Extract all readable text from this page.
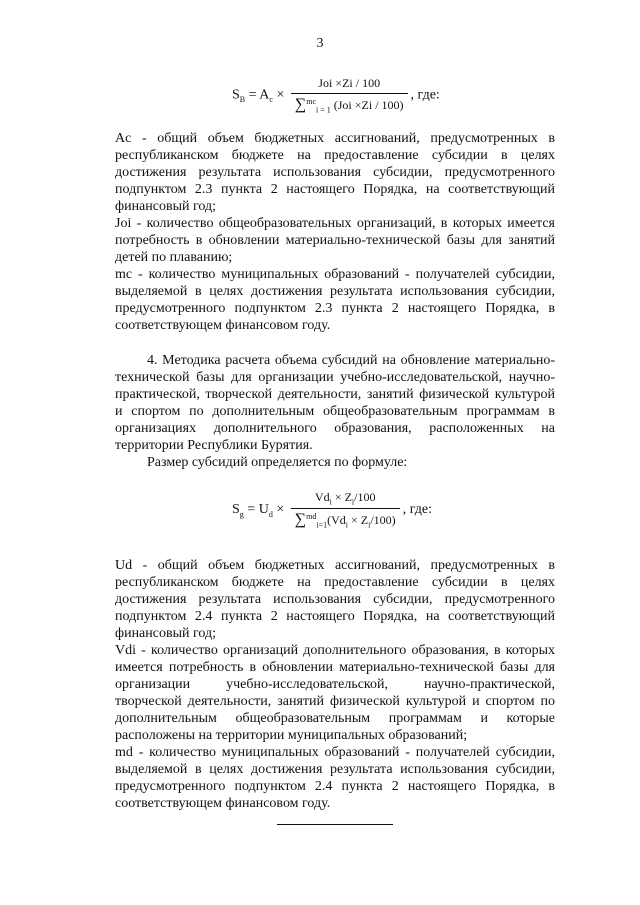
3
$S_B = A_c \times \frac{\text{Joi ×Zi / 100}}{\sum^{mc}_{i = 1} (Joi \times Zi / 100)}$ , где:

Ac - общий объем бюджетных ассигнований, предусмотренных в республиканском бюджете на предоставление субсидии в целях достижения результата использования субсидии, предусмотренного подпунктом 2.3 пункта 2 настоящего Порядка, на соответствующий финансовый год;

Joi - количество общеобразовательных организаций, в которых имеется потребность в обновлении материально-технической базы для занятий детей по плаванию;

mc - количество муниципальных образований - получателей субсидии, выделяемой в целях достижения результата использования субсидии, предусмотренного подпунктом 2.3 пункта 2 настоящего Порядка, в соответствующем финансовом году.

4. Методика расчета объема субсидий на обновление материально-технической базы для организации учебно-исследовательской, научно-практической, творческой деятельности, занятий физической культурой и спортом по дополнительным общеобразовательным программам в организациях дополнительного образования, расположенных на территории Республики Бурятия.

Размер субсидий определяется по формуле:

$S_g = U_d \times \frac{Vd_i \times Z_i/100}{\sum^{md}_{i=1}(Vd_i \times Z_i/100)}$ , где:

Ud - общий объем бюджетных ассигнований, предусмотренных в республиканском бюджете на предоставление субсидии в целях достижения результата использования субсидии, предусмотренного подпунктом 2.4 пункта 2 настоящего Порядка, на соответствующий финансовый год;

Vdi - количество организаций дополнительного образования, в которых имеется потребность в обновлении материально-технической базы для организации учебно-исследовательской, научно-практической, творческой деятельности, занятий физической культурой и спортом по дополнительным общеобразовательным программам и которые расположены на территории муниципальных образований;

md - количество муниципальных образований - получателей субсидии, выделяемой в целях достижения результата использования субсидии, предусмотренного подпунктом 2.4 пункта 2 настоящего Порядка, в соответствующем финансовом году.
